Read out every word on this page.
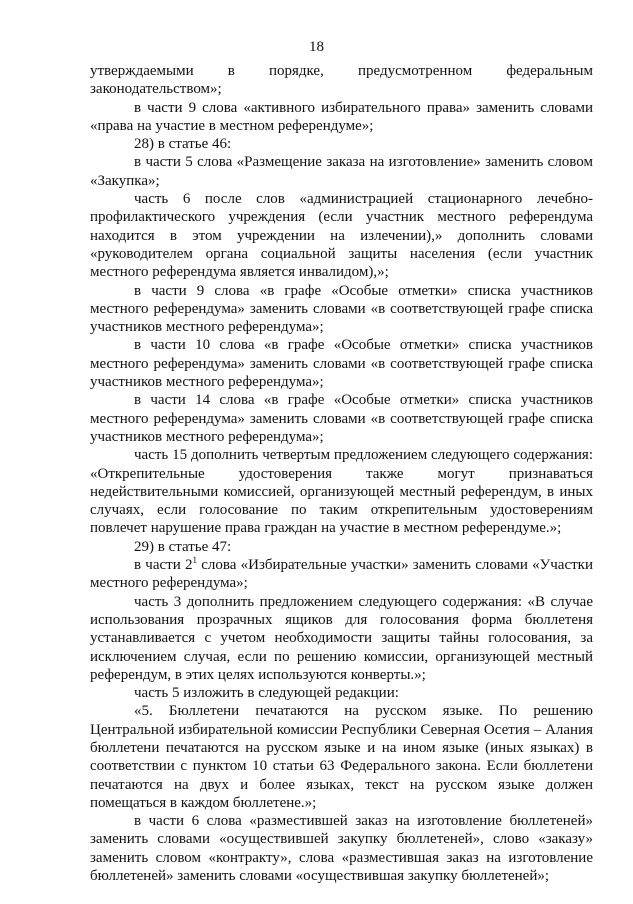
18

утверждаемыми в порядке, предусмотренном федеральным законодательством»;

в части 9 слова «активного избирательного права» заменить словами «права на участие в местном референдуме»;

28) в статье 46:

в части 5 слова «Размещение заказа на изготовление» заменить словом «Закупка»;

часть 6 после слов «администрацией стационарного лечебно-профилактического учреждения (если участник местного референдума находится в этом учреждении на излечении),» дополнить словами «руководителем органа социальной защиты населения (если участник местного референдума является инвалидом),»;

в части 9 слова «в графе «Особые отметки» списка участников местного референдума» заменить словами «в соответствующей графе списка участников местного референдума»;

в части 10 слова «в графе «Особые отметки» списка участников местного референдума» заменить словами «в соответствующей графе списка участников местного референдума»;

в части 14 слова «в графе «Особые отметки» списка участников местного референдума» заменить словами «в соответствующей графе списка участников местного референдума»;

часть 15 дополнить четвертым предложением следующего содержания: «Открепительные удостоверения также могут признаваться недействительными комиссией, организующей местный референдум, в иных случаях, если голосование по таким открепительным удостоверениям повлечет нарушение права граждан на участие в местном референдуме.»;

29) в статье 47:

в части $2^1$ слова «Избирательные участки» заменить словами «Участки местного референдума»;

часть 3 дополнить предложением следующего содержания: «В случае использования прозрачных ящиков для голосования форма бюллетеня устанавливается с учетом необходимости защиты тайны голосования, за исключением случая, если по решению комиссии, организующей местный референдум, в этих целях используются конверты.»;

часть 5 изложить в следующей редакции:

«5. Бюллетени печатаются на русском языке. По решению Центральной избирательной комиссии Республики Северная Осетия – Алания бюллетени печатаются на русском языке и на ином языке (иных языках) в соответствии с пунктом 10 статьи 63 Федерального закона. Если бюллетени печатаются на двух и более языках, текст на русском языке должен помещаться в каждом бюллетене.»;

в части 6 слова «разместившей заказ на изготовление бюллетеней» заменить словами «осуществившей закупку бюллетеней», слово «заказу» заменить словом «контракту», слова «разместившая заказ на изготовление бюллетеней» заменить словами «осуществившая закупку бюллетеней»;
